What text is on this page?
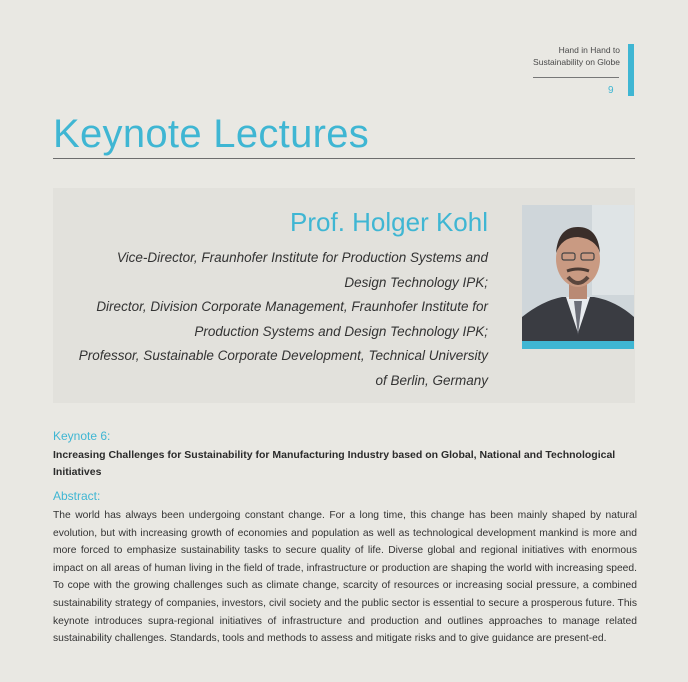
Hand in Hand to
Sustainability on Globe
9
Keynote Lectures
Prof. Holger Kohl
Vice-Director, Fraunhofer Institute for Production Systems and
Design Technology IPK;
Director, Division Corporate Management, Fraunhofer Institute for
Production Systems and Design Technology IPK;
Professor, Sustainable Corporate Development, Technical University
of Berlin, Germany
Keynote 6:
Increasing Challenges for Sustainability for Manufacturing Industry based on Global, National and Technological Initiatives
Abstract:
The world has always been undergoing constant change. For a long time, this change has been mainly shaped by natural evolution, but with increasing growth of economies and population as well as technological development mankind is more and more forced to emphasize sustainability tasks to secure quality of life. Diverse global and regional initiatives with enormous impact on all areas of human living in the field of trade, infrastructure or production are shaping the world with increasing speed. To cope with the growing challenges such as climate change, scarcity of resources or increasing social pressure, a combined sustainability strategy of companies, investors, civil society and the public sector is essential to secure a prosperous future. This keynote introduces supra-regional initiatives of infrastructure and production and outlines approaches to manage related sustainability challenges. Standards, tools and methods to assess and mitigate risks and to give guidance are present-ed.
